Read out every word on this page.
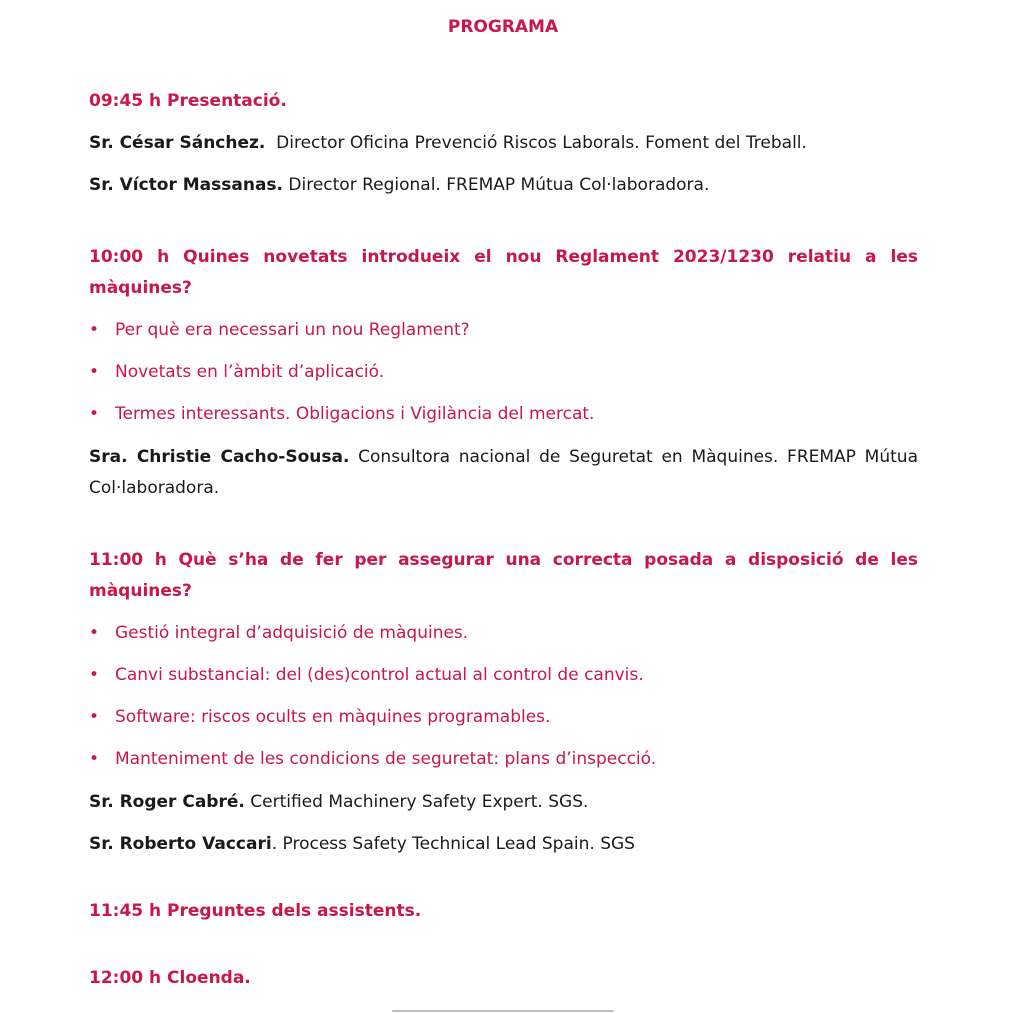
PROGRAMA
09:45 h Presentació.
Sr. César Sánchez.  Director Oficina Prevenció Riscos Laborals. Foment del Treball.
Sr. Víctor Massanas. Director Regional. FREMAP Mútua Col·laboradora.
10:00 h Quines novetats introdueix el nou Reglament 2023/1230 relatiu a les
màquines?
• Per què era necessari un nou Reglament?
• Novetats en l’àmbit d’aplicació.
• Termes interessants. Obligacions i Vigilància del mercat.
Sra. Christie Cacho-Sousa. Consultora nacional de Seguretat en Màquines. FREMAP Mútua
Col·laboradora.
11:00 h Què s’ha de fer per assegurar una correcta posada a disposició de les
màquines?
• Gestió integral d’adquisició de màquines.
• Canvi substancial: del (des)control actual al control de canvis.
• Software: riscos ocults en màquines programables.
• Manteniment de les condicions de seguretat: plans d’inspecció.
Sr. Roger Cabré. Certified Machinery Safety Expert. SGS.
Sr. Roberto Vaccari. Process Safety Technical Lead Spain. SGS
11:45 h Preguntes dels assistents.
12:00 h Cloenda.
